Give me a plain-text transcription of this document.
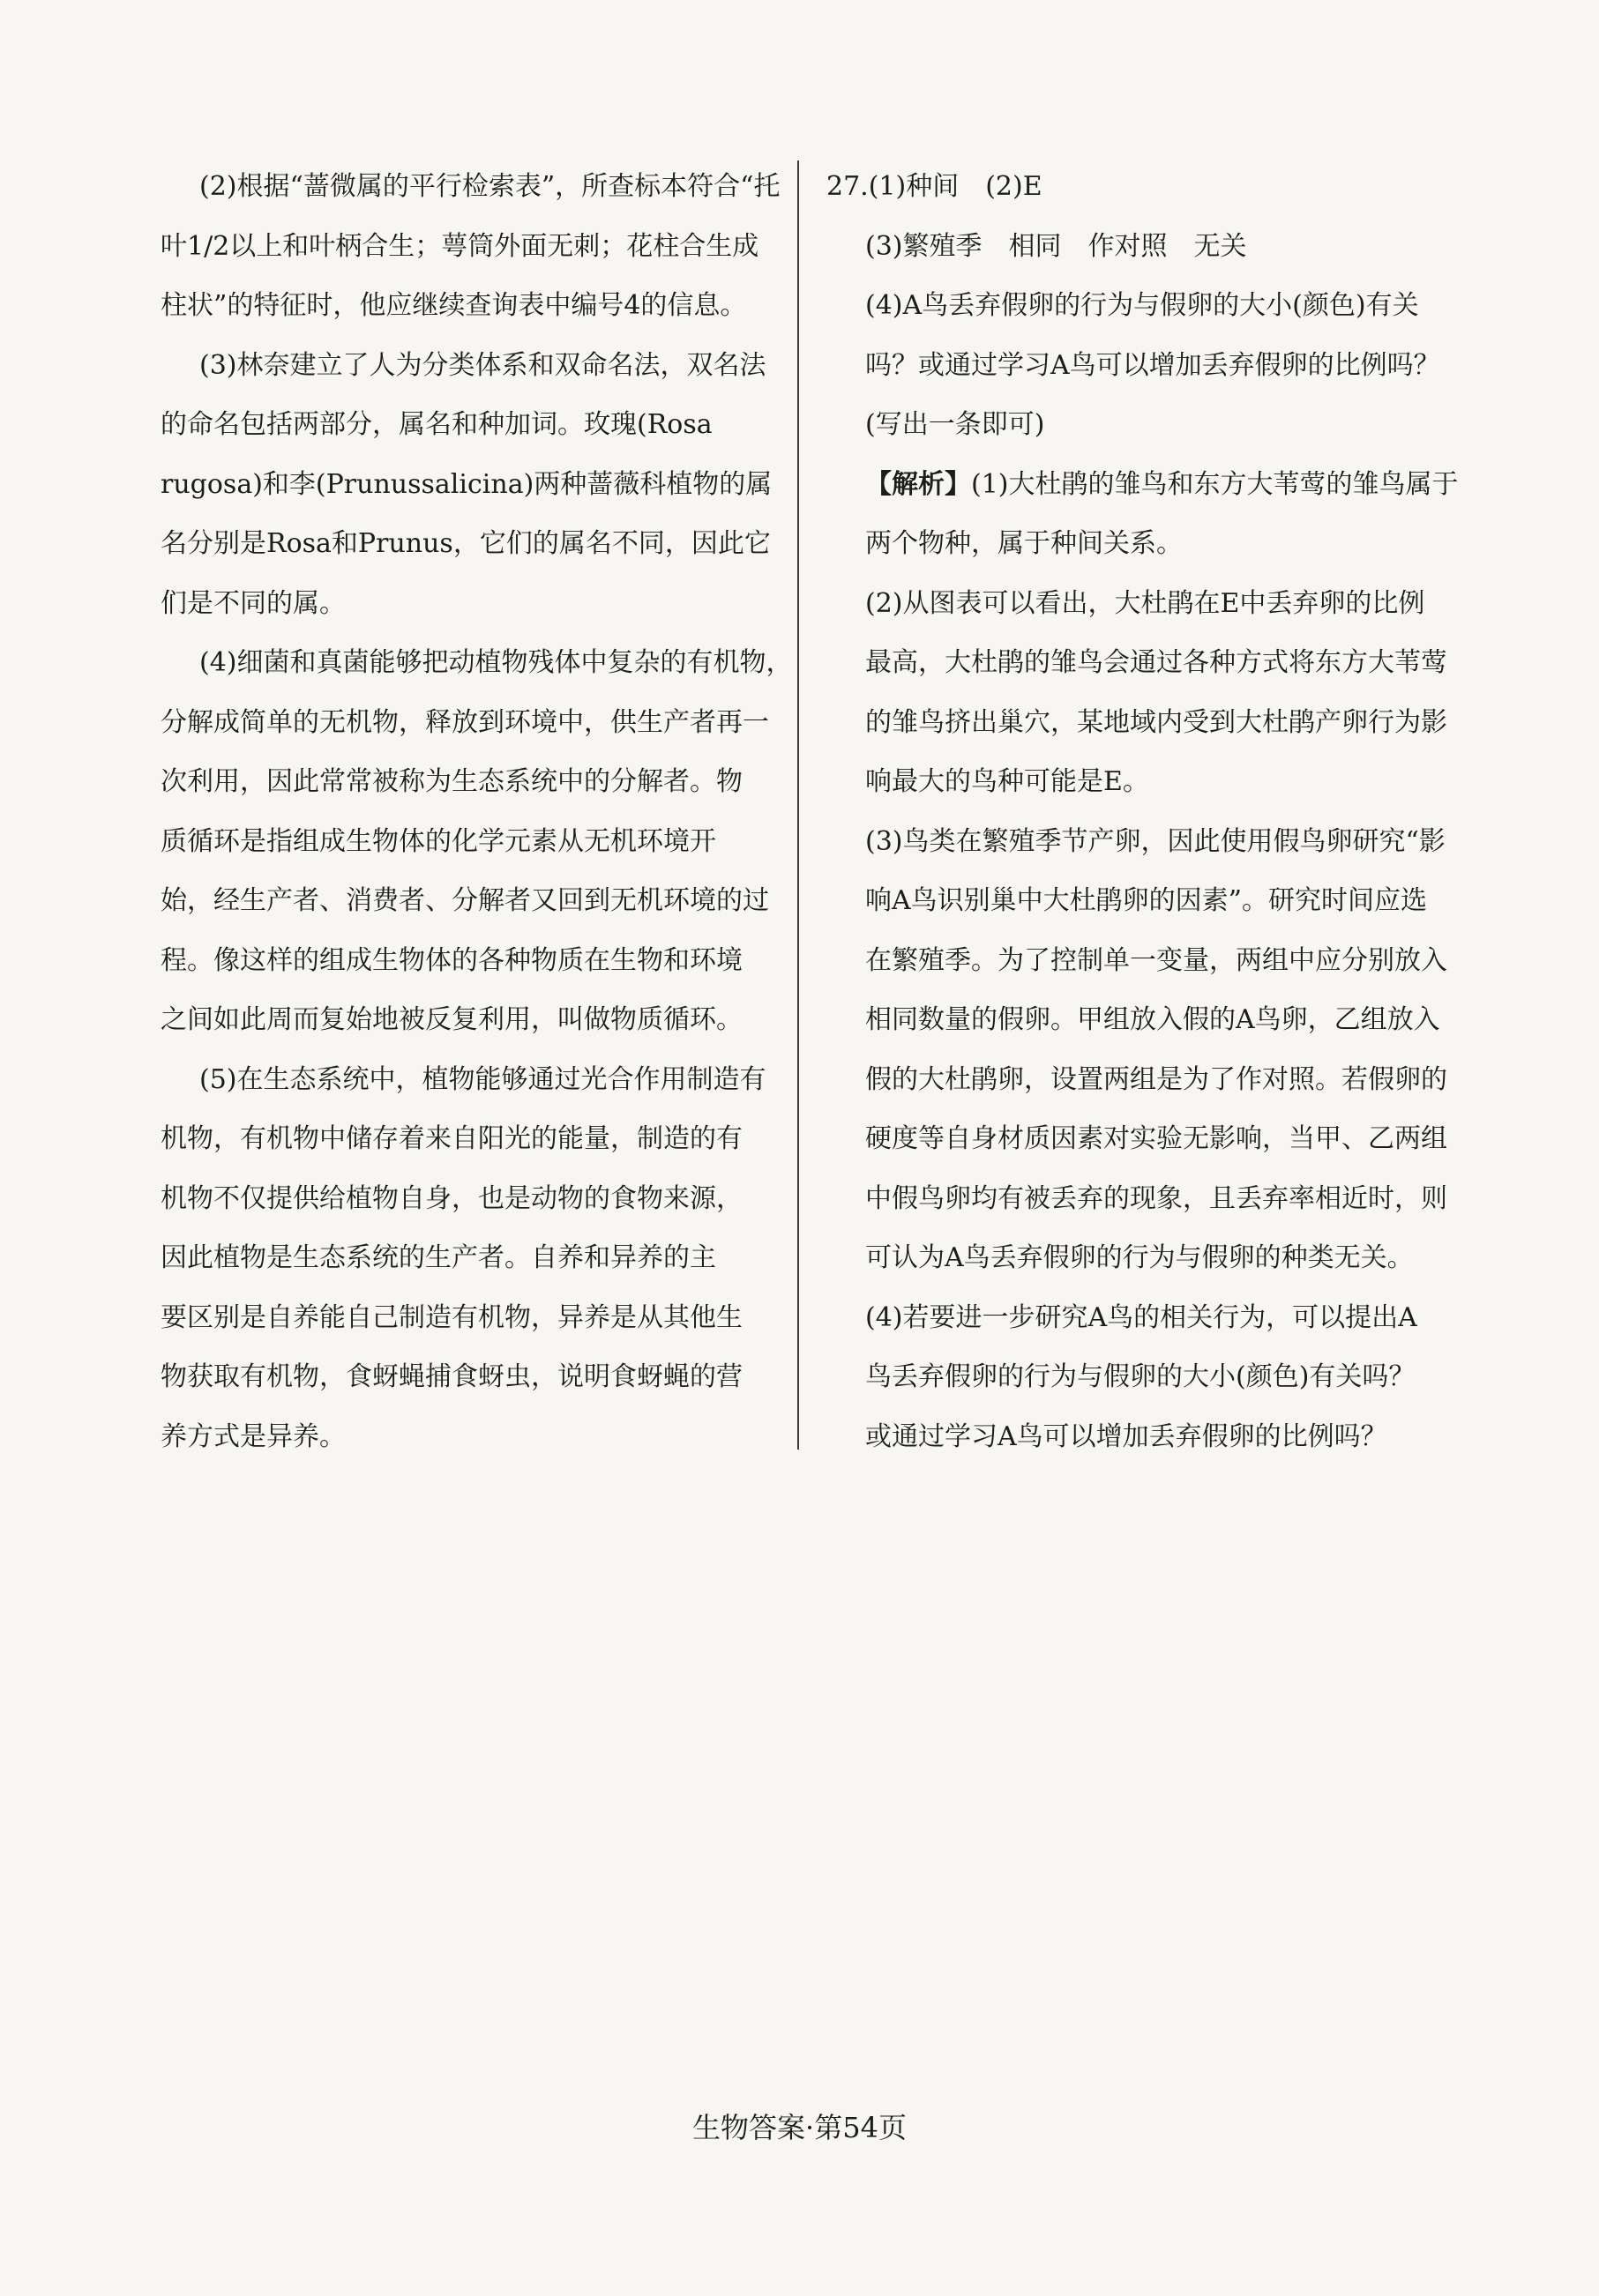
(2)根据“蔷微属的平行检索表”，所查标本符合“托
叶1/2以上和叶柄合生；萼筒外面无刺；花柱合生成
柱状”的特征时，他应继续查询表中编号4的信息。

(3)林奈建立了人为分类体系和双命名法，双名法
的命名包括两部分，属名和种加词。玫瑰(Rosa
rugosa)和李(Prunussalicina)两种蔷薇科植物的属
名分别是Rosa和Prunus，它们的属名不同，因此它
们是不同的属。

(4)细菌和真菌能够把动植物残体中复杂的有机物，
分解成简单的无机物，释放到环境中，供生产者再一
次利用，因此常常被称为生态系统中的分解者。物
质循环是指组成生物体的化学元素从无机环境开
始，经生产者、消费者、分解者又回到无机环境的过
程。像这样的组成生物体的各种物质在生物和环境
之间如此周而复始地被反复利用，叫做物质循环。

(5)在生态系统中，植物能够通过光合作用制造有
机物，有机物中储存着来自阳光的能量，制造的有
机物不仅提供给植物自身，也是动物的食物来源，
因此植物是生态系统的生产者。自养和异养的主
要区别是自养能自己制造有机物，异养是从其他生
物获取有机物，食蚜蝇捕食蚜虫，说明食蚜蝇的营
养方式是异养。

27.(1)种间　(2)E
(3)繁殖季　相同　作对照　无关
(4)A鸟丢弃假卵的行为与假卵的大小(颜色)有关
吗？或通过学习A鸟可以增加丢弃假卵的比例吗？
(写出一条即可)

【解析】(1)大杜鹃的雏鸟和东方大苇莺的雏鸟属于
两个物种，属于种间关系。

(2)从图表可以看出，大杜鹃在E中丢弃卵的比例
最高，大杜鹃的雏鸟会通过各种方式将东方大苇莺
的雏鸟挤出巢穴，某地域内受到大杜鹃产卵行为影
响最大的鸟种可能是E。

(3)鸟类在繁殖季节产卵，因此使用假鸟卵研究“影
响A鸟识别巢中大杜鹃卵的因素”。研究时间应选
在繁殖季。为了控制单一变量，两组中应分别放入
相同数量的假卵。甲组放入假的A鸟卵，乙组放入
假的大杜鹃卵，设置两组是为了作对照。若假卵的
硬度等自身材质因素对实验无影响，当甲、乙两组
中假鸟卵均有被丢弃的现象，且丢弃率相近时，则
可认为A鸟丢弃假卵的行为与假卵的种类无关。

(4)若要进一步研究A鸟的相关行为，可以提出A
鸟丢弃假卵的行为与假卵的大小(颜色)有关吗？
或通过学习A鸟可以增加丢弃假卵的比例吗？

生物答案·第54页
